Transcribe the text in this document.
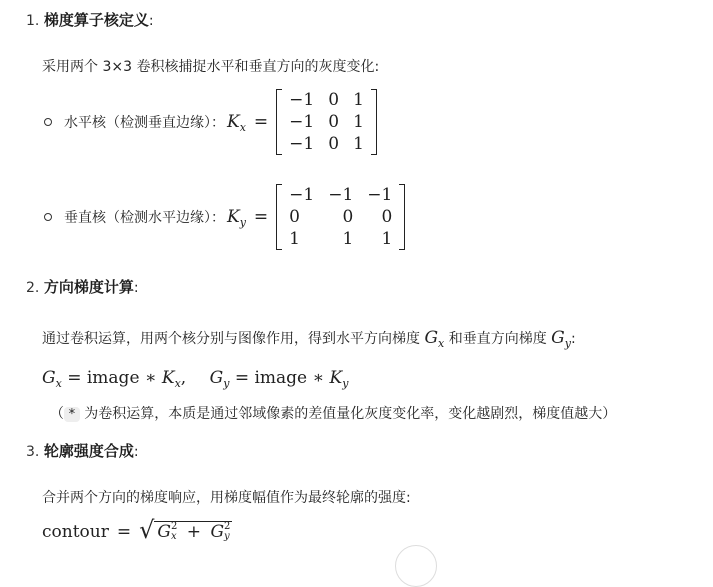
1. 梯度算子核定义:
采用两个 3×3 卷积核捕捉水平和垂直方向的灰度变化:
水平核（检测垂直边缘）： $K_x$ =
−1	0	1
−1	0	1
−1	0	1
垂直核（检测水平边缘）： $K_y$ =
−1	−1	−1
0	0	0
1	1	1
2. 方向梯度计算:
通过卷积运算，用两个核分别与图像作用，得到水平方向梯度 $G_x$ 和垂直方向梯度 $G_y$:
$G_x$ = image ∗ $K_x$, $G_y$ = image ∗ $K_y$
（ * 为卷积运算，本质是通过邻域像素的差值量化灰度变化率，变化越剧烈，梯度值越大）
3. 轮廓强度合成:
合并两个方向的梯度响应，用梯度幅值作为最终轮廓的强度:
contour = √ G 2
x + G 2
y
